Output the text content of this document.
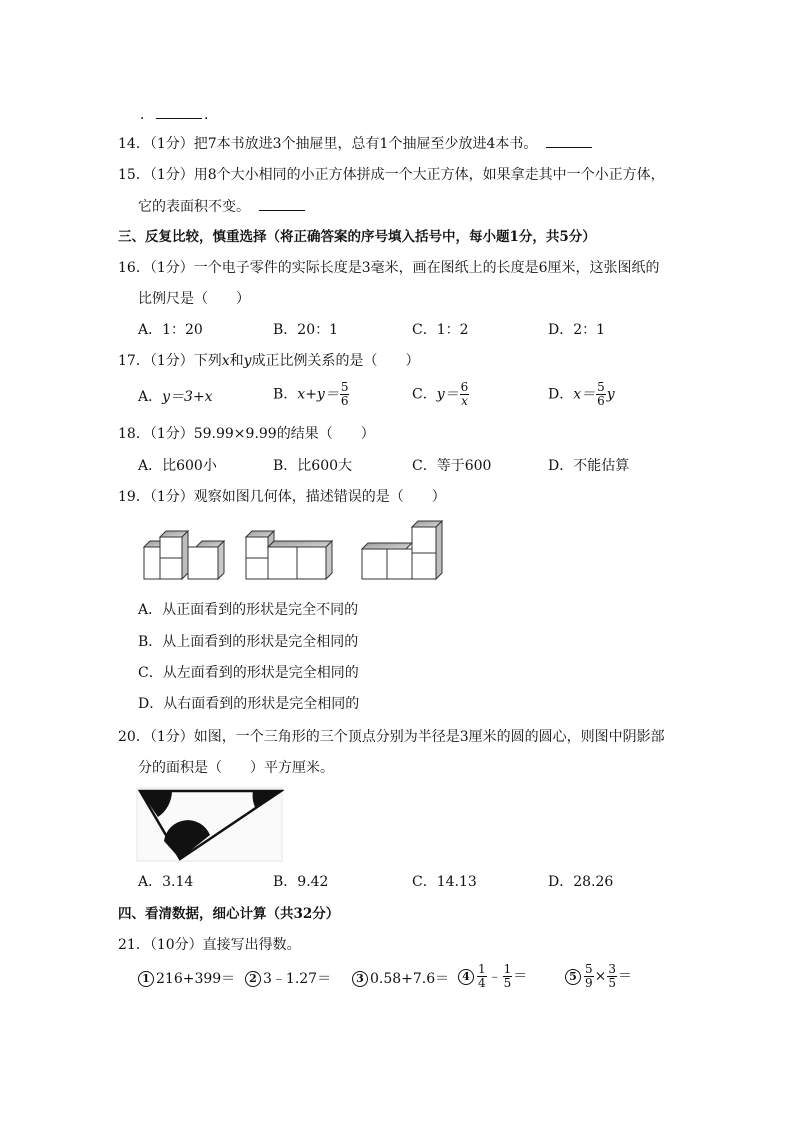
．	．
14．（1分）把7本书放进3个抽屉里，总有1个抽屉至少放进4本书。　
15．（1分）用8个大小相同的小正方体拼成一个大正方体，如果拿走其中一个小正方体，
它的表面积不变。　
三、反复比较，慎重选择（将正确答案的序号填入括号中，每小题1分，共5分）
16．（1分）一个电子零件的实际长度是3毫米，画在图纸上的长度是6厘米，这张图纸的
比例尺是（　　）
A．1：20	B．20：1	C．1：2	D．2：1
17．（1分）下列x和y成正比例关系的是（　　）
A．y＝3+x	B．$x+y= \frac{5}{6}$	C．$y= \frac{6}{x}$	D．$x= \frac{5}{6}$ y
18．（1分）59.99×9.99的结果（　　）
A．比600小	B．比600大	C．等于600	D．不能估算
19．（1分）观察如图几何体，描述错误的是（　　）
A．从正面看到的形状是完全不同的
B．从上面看到的形状是完全相同的
C．从左面看到的形状是完全相同的
D．从右面看到的形状是完全相同的
20．（1分）如图，一个三角形的三个顶点分别为半径是3厘米的圆的圆心，则图中阴影部
分的面积是（　　）平方厘米。
A．3.14	B．9.42	C．14.13	D．28.26
四、看清数据，细心计算（共32分）
21．（10分）直接写出得数。
1 216+399＝	2 3﹣1.27＝	3 0.58+7.6＝	$4 \frac{1}{4}$ ﹣ $\frac{1}{5}$ ＝	$5 \frac{5}{9} \times \frac{3}{5}$ ＝
